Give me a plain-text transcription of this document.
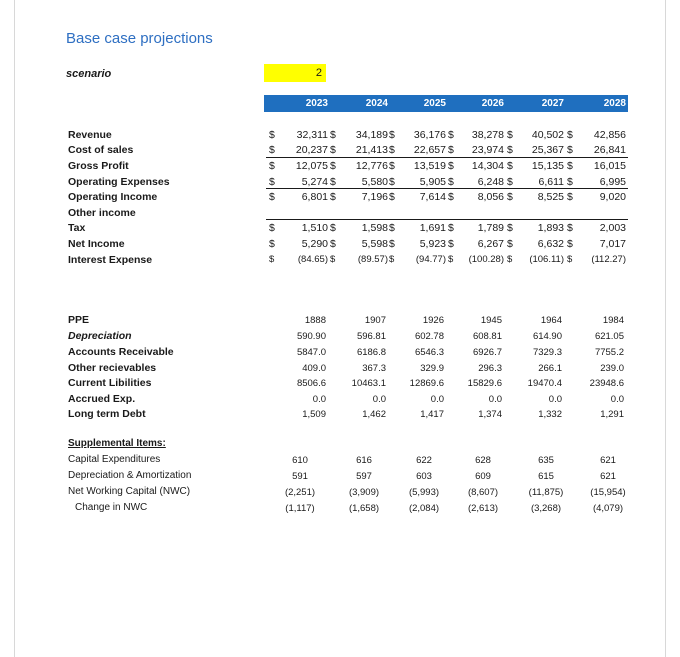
Base case projections
scenario	2
2023	2024	2025	2026	2027	2028
Revenue	$ 32,311 $ 34,189 $ 36,176 $ 38,278 $ 40,502 $ 42,856
Cost of sales	$ 20,237 $ 21,413 $ 22,657 $ 23,974 $ 25,367 $ 26,841
Gross Profit	$ 12,075 $ 12,776 $ 13,519 $ 14,304 $ 15,135 $ 16,015
Operating Expenses	$	5,274 $ 5,580 $ 5,905 $ 6,248 $ 6,611 $	6,995
Operating Income	$	6,801 $ 7,196 $ 7,614 $ 8,056 $ 8,525 $	9,020
Other income
Tax	$	1,510 $ 1,598 $ 1,691 $ 1,789 $ 1,893 $	2,003
Net Income	$	5,290 $ 5,598 $ 5,923 $ 6,267 $ 6,632 $	7,017
Interest Expense	$ (84.65) $ (89.57) $ (94.77) $ (100.28) $ (106.11) $ (112.27)
PPE	1888	1907	1926	1945	1964	1984
Depreciation	590.90	596.81	602.78	608.81	614.90	621.05
Accounts Receivable	5847.0	6186.8	6546.3	6926.7	7329.3	7755.2
Other recievables	409.0	367.3	329.9	296.3	266.1	239.0
Current Libilities	8506.6	10463.1	12869.6	15829.6	19470.4	23948.6
Accrued Exp.	0.0	0.0	0.0	0.0	0.0	0.0
Long term Debt	1,509	1,462	1,417	1,374	1,332	1,291
Supplemental Items:
Capital Expenditures	610	616	622	628	635	621
Depreciation & Amortization	591	597	603	609	615	621
Net Working Capital (NWC)	(2,251)	(3,909)	(5,993)	(8,607)	(11,875)	(15,954)
Change in NWC	(1,117)	(1,658)	(2,084)	(2,613)	(3,268)	(4,079)
